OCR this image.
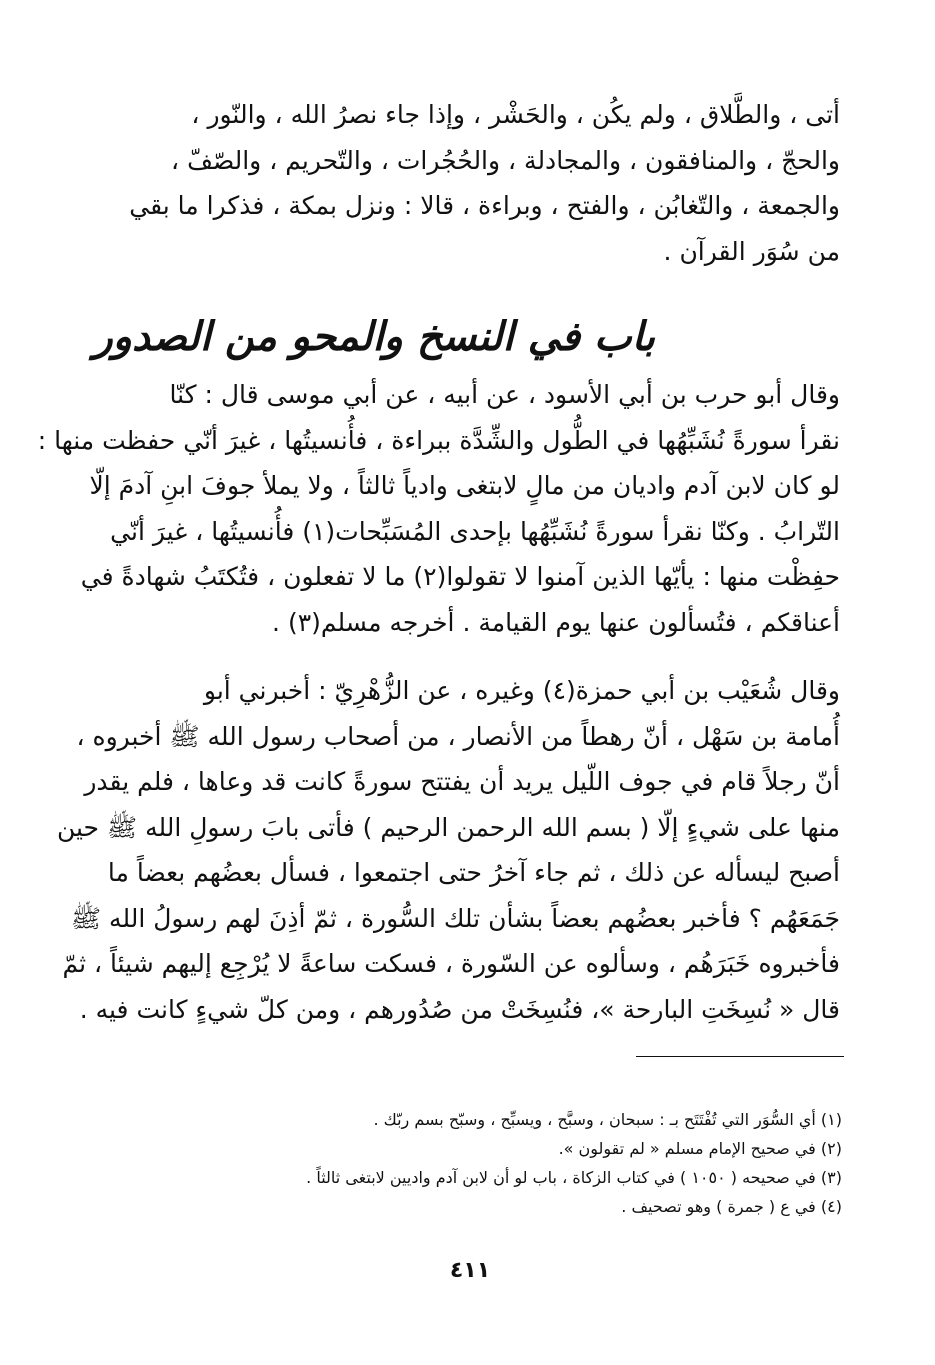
أتى ، والطَّلاق ، ولم يكُن ، والحَشْر ، وإذا جاء نصرُ الله ، والنّور ،
والحجّ ، والمنافقون ، والمجادلة ، والحُجُرات ، والتّحريم ، والصّفّ ،
والجمعة ، والتّغابُن ، والفتح ، وبراءة ، قالا : ونزل بمكة ، فذكرا ما بقي
من سُوَر القرآن .
باب في النسخ والمحو من الصدور
وقال أبو حرب بن أبي الأسود ، عن أبيه ، عن أبي موسى قال : كنّا
نقرأ سورةً نُشَبِّهُها في الطُّول والشِّدَّة ببراءة ، فأُنسيتُها ، غيرَ أنّي حفظت منها :
لو كان لابن آدم واديان من مالٍ لابتغى وادياً ثالثاً ، ولا يملأ جوفَ ابنِ آدمَ إلّا
التّرابُ . وكنّا نقرأ سورةً نُشَبِّهُها بإحدى المُسَبِّحات(١) فأُنسيتُها ، غيرَ أنّي
حفِظْت منها : يأيّها الذين آمنوا لا تقولوا(٢) ما لا تفعلون ، فتُكتَبُ شهادةً في
أعناقكم ، فتُسألون عنها يوم القيامة . أخرجه مسلم(٣) .
وقال شُعَيْب بن أبي حمزة(٤) وغيره ، عن الزُّهْرِيّ : أخبرني أبو
أُمامة بن سَهْل ، أنّ رهطاً من الأنصار ، من أصحاب رسول الله ﷺ أخبروه ،
أنّ رجلاً قام في جوف اللّيل يريد أن يفتتح سورةً كانت قد وعاها ، فلم يقدر
منها على شيءٍ إلّا ( بسم الله الرحمن الرحيم ) فأتى بابَ رسولِ الله ﷺ حين
أصبح ليسأله عن ذلك ، ثم جاء آخرُ حتى اجتمعوا ، فسأل بعضُهم بعضاً ما
جَمَعَهُم ؟ فأخبر بعضُهم بعضاً بشأن تلك السُّورة ، ثمّ أذِنَ لهم رسولُ الله ﷺ
فأخبروه خَبَرَهُم ، وسألوه عن السّورة ، فسكت ساعةً لا يُرْجِع إليهم شيئاً ، ثمّ
قال « نُسِخَتِ البارحة »، فنُسِخَتْ من صُدُورهم ، ومن كلّ شيءٍ كانت فيه .
(١) أي السُّوَر التي تُفْتَتَح بـ : سبحان ، وسبَّح ، ويسبِّح ، وسبّح بسم ربّك .
(٢) في صحيح الإمام مسلم « لم تقولون ».
(٣) في صحيحه ( ١٠٥٠ ) في كتاب الزكاة ، باب لو أن لابن آدم واديين لابتغى ثالثاً .
(٤) في ع ( جمرة ) وهو تصحيف .
٤١١
